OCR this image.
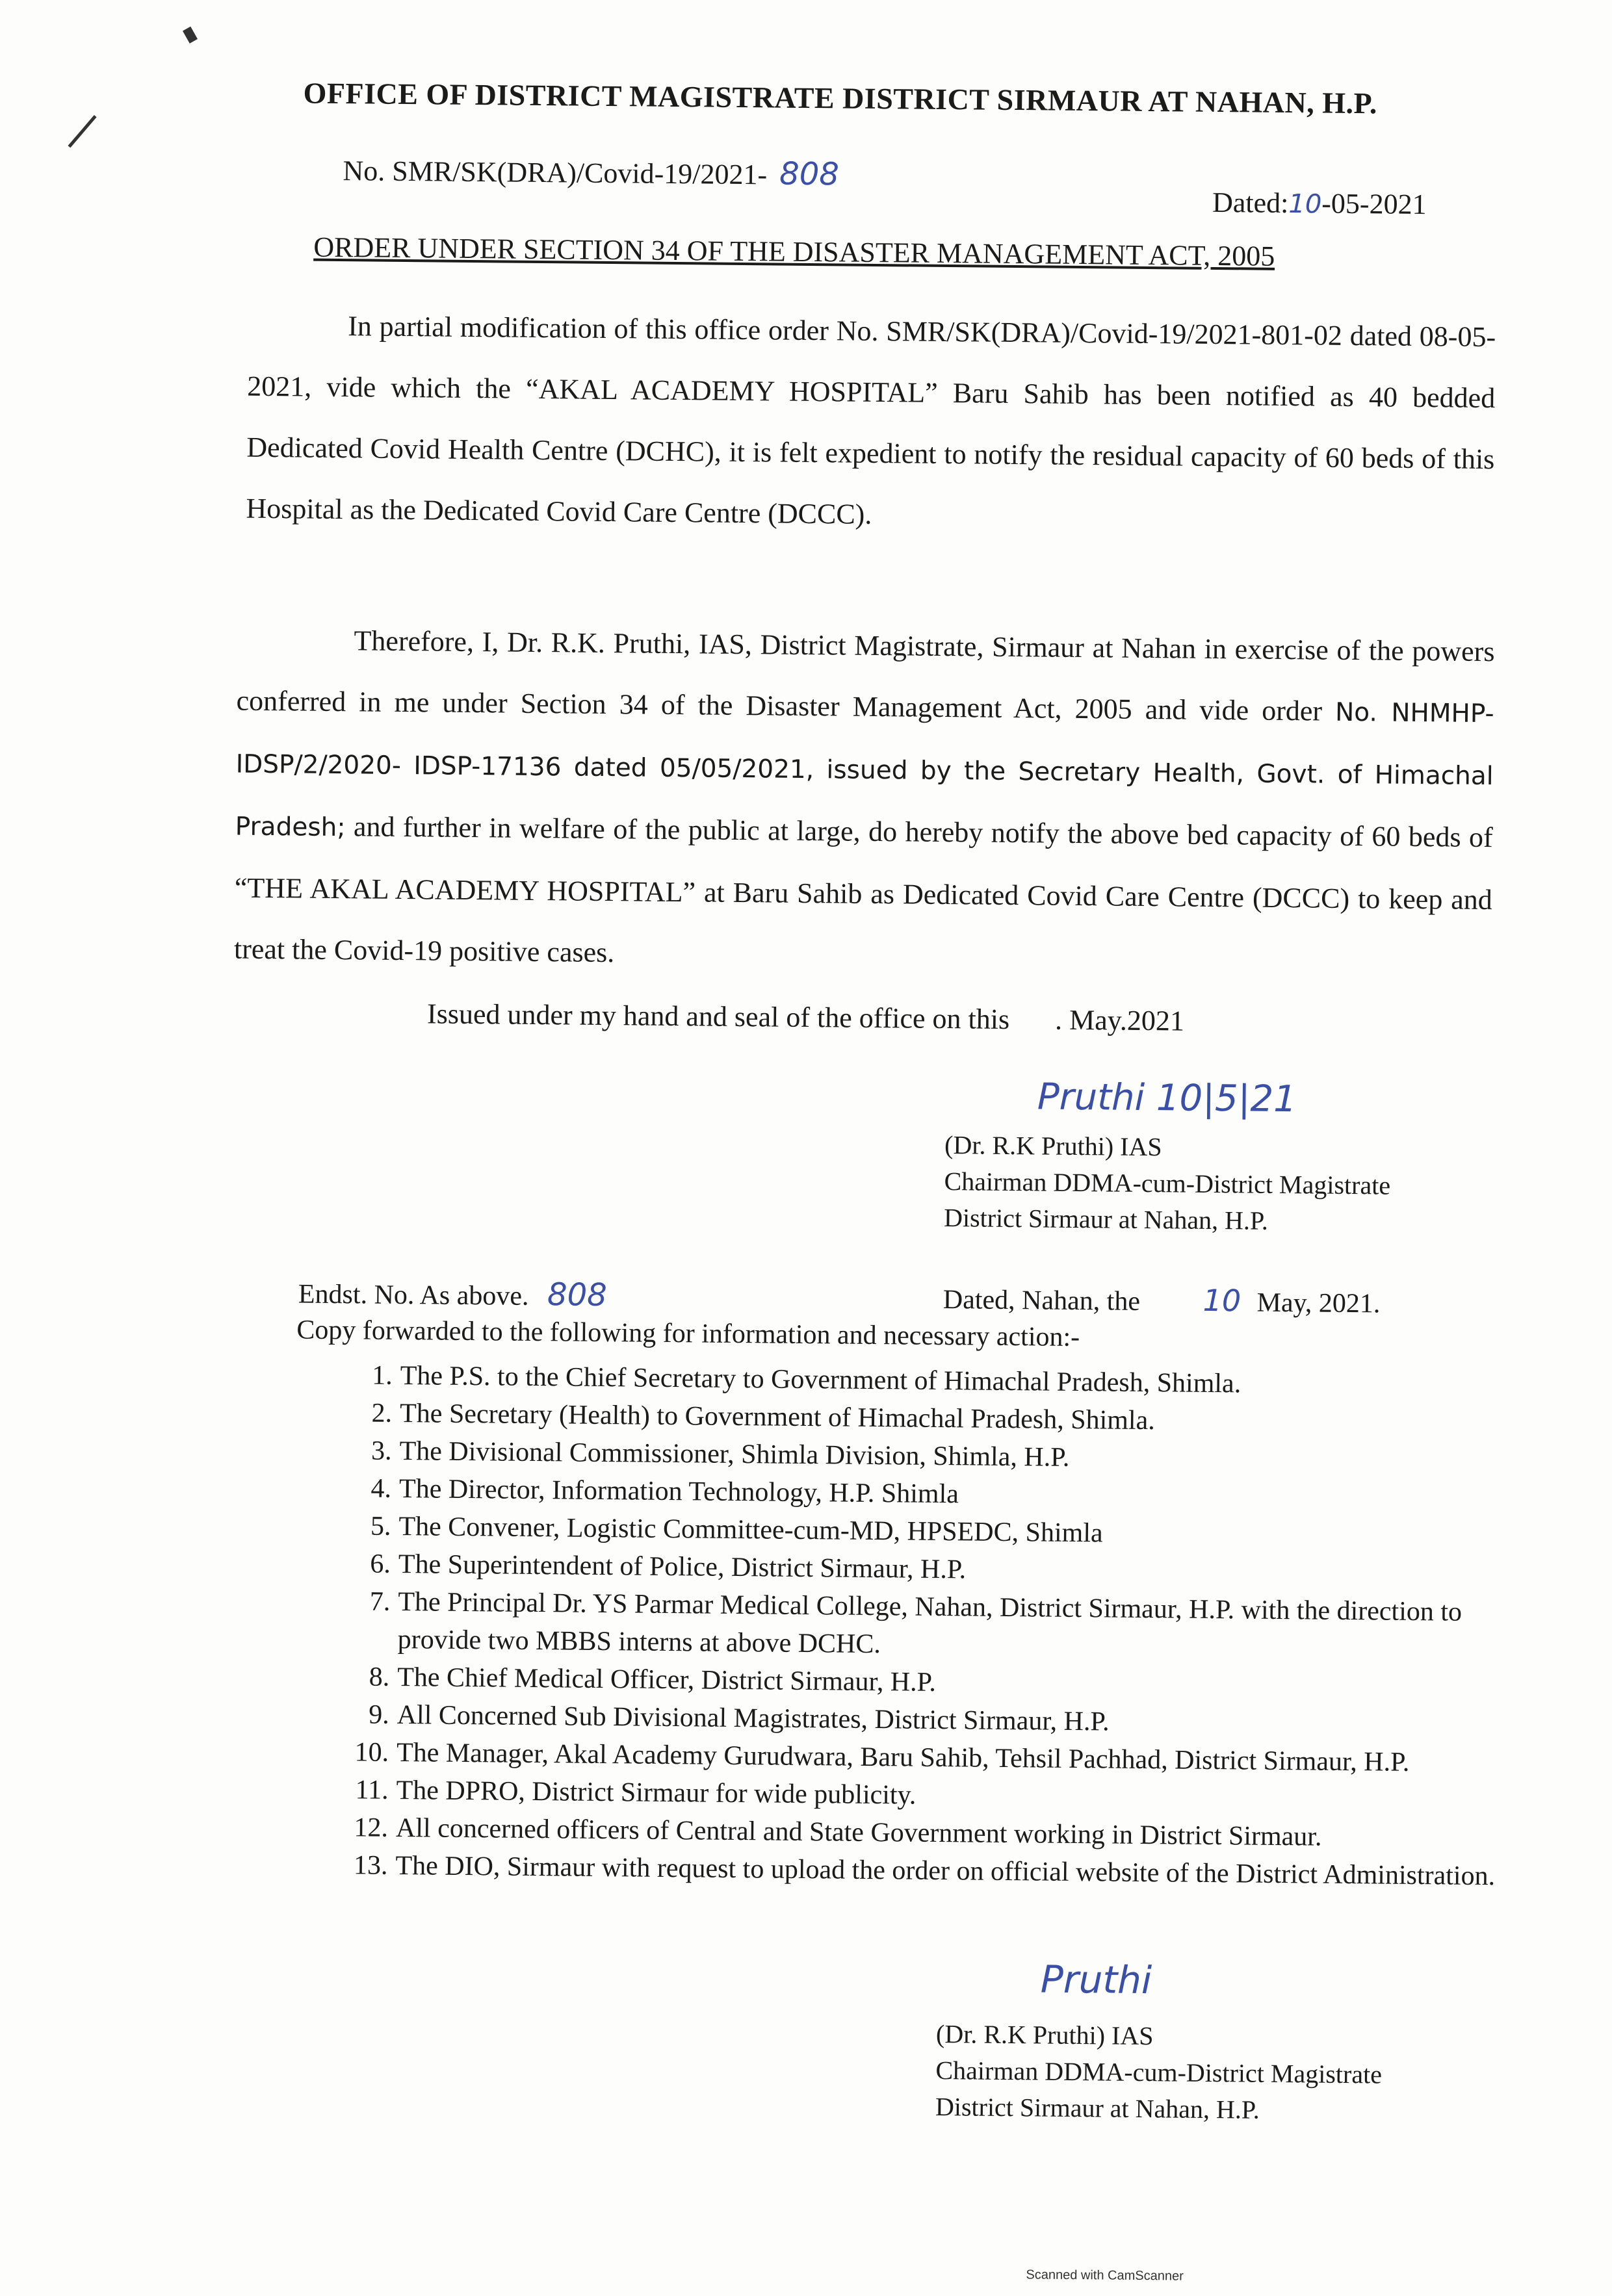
OFFICE OF DISTRICT MAGISTRATE DISTRICT SIRMAUR AT NAHAN, H.P.
No. SMR/SK(DRA)/Covid-19/2021- 808
Dated:10-05-2021
ORDER UNDER SECTION 34 OF THE DISASTER MANAGEMENT ACT, 2005

In partial modification of this office order No. SMR/SK(DRA)/Covid-19/2021-801-02 dated 08-05-2021, vide which the “AKAL ACADEMY HOSPITAL” Baru Sahib has been notified as 40 bedded Dedicated Covid Health Centre (DCHC), it is felt expedient to notify the residual capacity of 60 beds of this Hospital as the Dedicated Covid Care Centre (DCCC).

Therefore, I, Dr. R.K. Pruthi, IAS, District Magistrate, Sirmaur at Nahan in exercise of the powers conferred in me under Section 34 of the Disaster Management Act, 2005 and vide order No. NHMHP-IDSP/2/2020- IDSP-17136 dated 05/05/2021, issued by the Secretary Health, Govt. of Himachal Pradesh; and further in welfare of the public at large, do hereby notify the above bed capacity of 60 beds of “THE AKAL ACADEMY HOSPITAL” at Baru Sahib as Dedicated Covid Care Centre (DCCC) to keep and treat the Covid-19 positive cases.

Issued under my hand and seal of the office on this . May.2021
Pruthi 10|5|21
(Dr. R.K Pruthi) IAS
Chairman DDMA-cum-District Magistrate
District Sirmaur at Nahan, H.P.
Endst. No. As above. 808	Dated, Nahan, the 10 May, 2021.
Copy forwarded to the following for information and necessary action:-
1. The P.S. to the Chief Secretary to Government of Himachal Pradesh, Shimla.
2. The Secretary (Health) to Government of Himachal Pradesh, Shimla.
3. The Divisional Commissioner, Shimla Division, Shimla, H.P.
4. The Director, Information Technology, H.P. Shimla
5. The Convener, Logistic Committee-cum-MD, HPSEDC, Shimla
6. The Superintendent of Police, District Sirmaur, H.P.
7. The Principal Dr. YS Parmar Medical College, Nahan, District Sirmaur, H.P. with the direction to provide two MBBS interns at above DCHC.
8. The Chief Medical Officer, District Sirmaur, H.P.
9. All Concerned Sub Divisional Magistrates, District Sirmaur, H.P.
10. The Manager, Akal Academy Gurudwara, Baru Sahib, Tehsil Pachhad, District Sirmaur, H.P.
11. The DPRO, District Sirmaur for wide publicity.
12. All concerned officers of Central and State Government working in District Sirmaur.
13. The DIO, Sirmaur with request to upload the order on official website of the District Administration.
Pruthi
(Dr. R.K Pruthi) IAS
Chairman DDMA-cum-District Magistrate
District Sirmaur at Nahan, H.P.
Scanned with CamScanner
